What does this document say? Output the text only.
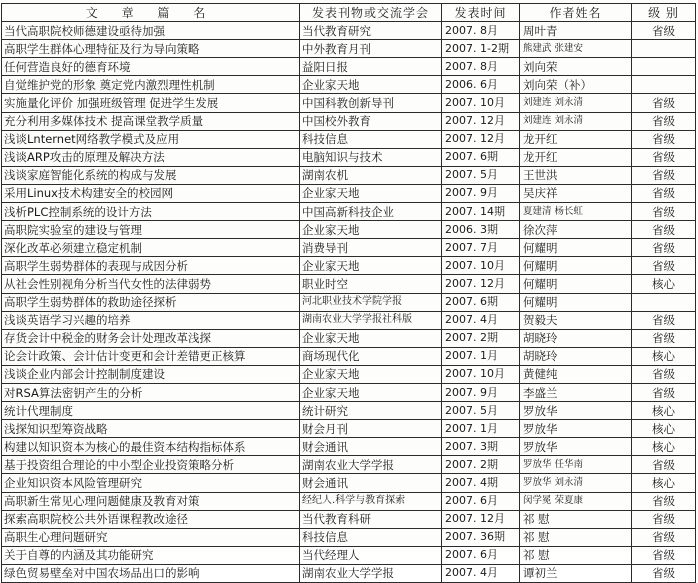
文 章 篇 名	发表刊物或交流学会	发表时间	作者姓名	级 别
当代高职院校师德建设亟待加强	当代教育研究	2007. 8月	周叶青	省级
高职学生群体心理特征及行为导向策略	中外教育月刊	2007. 1-2期	熊建武 张建安	
任何营造良好的德育环境	益阳日报	2007. 8月	刘向荣	
自觉维护党的形象 奠定党内激烈理性机制	企业家天地	2006. 6月	刘向荣（补）	
实施量化评价 加强班级管理 促进学生发展	中国科教创新导刊	2007. 10月	刘建连 刘永清	省级
充分利用多媒体技术 提高课堂教学质量	中国校外教育	2007. 12月	刘建连 刘永清	省级
浅谈Lnternet网络教学模式及应用	科技信息	2007. 12月	龙开红	省级
浅谈ARP攻击的原理及解决方法	电脑知识与技术	2007. 6期	龙开红	省级
浅谈家庭智能化系统的构成与发展	湖南农机	2007. 5月	王世洪	省级
采用Linux技术构建安全的校园网	企业家天地	2007. 9月	吴庆祥	省级
浅析PLC控制系统的设计方法	中国高新科技企业	2007. 14期	夏建清 杨长虹	省级
高职院实验室的建设与管理	企业家天地	2006. 3期	徐次萍	省级
深化改革必须建立稳定机制	消费导刊	2007. 7月	何耀明	省级
高职学生弱势群体的表现与成因分析	企业家天地	2007. 10月	何耀明	省级
从社会性别视角分析当代女性的法律弱势	职业时空	2007. 12月	何耀明	核心
高职学生弱势群体的救助途径探析	河北职业技术学院学报	2007. 6期	何耀明	
浅谈英语学习兴趣的培养	湖南农业大学学报社科版	2007. 4月	贺毅夫	省级
存货会计中税金的财务会计处理改革浅探	企业家天地	2007. 2期	胡晓玲	省级
论会计政策、会计估计变更和会计差错更正核算	商场现代化	2007. 1月	胡晓玲	核心
浅谈企业内部会计控制制度建设	企业家天地	2007. 10月	黄健纯	省级
对RSA算法密钥产生的分析	企业家天地	2007. 9月	李盛兰	省级
统计代理制度	统计研究	2007. 5月	罗放华	核心
浅探知识型筹资战略	财会月刊	2007. 1月	罗放华	核心
构建以知识资本为核心的最佳资本结构指标体系	财会通讯	2007. 3期	罗放华	核心
基于投资组合理论的中小型企业投资策略分析	湖南农业大学学报	2007. 2期	罗放华 任华南	省级
企业知识资本风险管理研究	财会通讯	2007. 4期	罗放华 刘永清	核心
高职新生常见心理问题健康及教育对策	经纪人.科学与教育探索	2007. 6月	闵学冕 荣夏康	省级
探索高职院校公共外语课程教改途径	当代教育科研	2007. 12月	祁 慰	省级
高职生心理问题研究	科技信息	2007. 36期	祁 慰	省级
关于自尊的内涵及其功能研究	当代经理人	2007. 6月	祁 慰	省级
绿色贸易壁垒对中国农场品出口的影响	湖南农业大学学报	2007. 4月	谭初兰	省级
